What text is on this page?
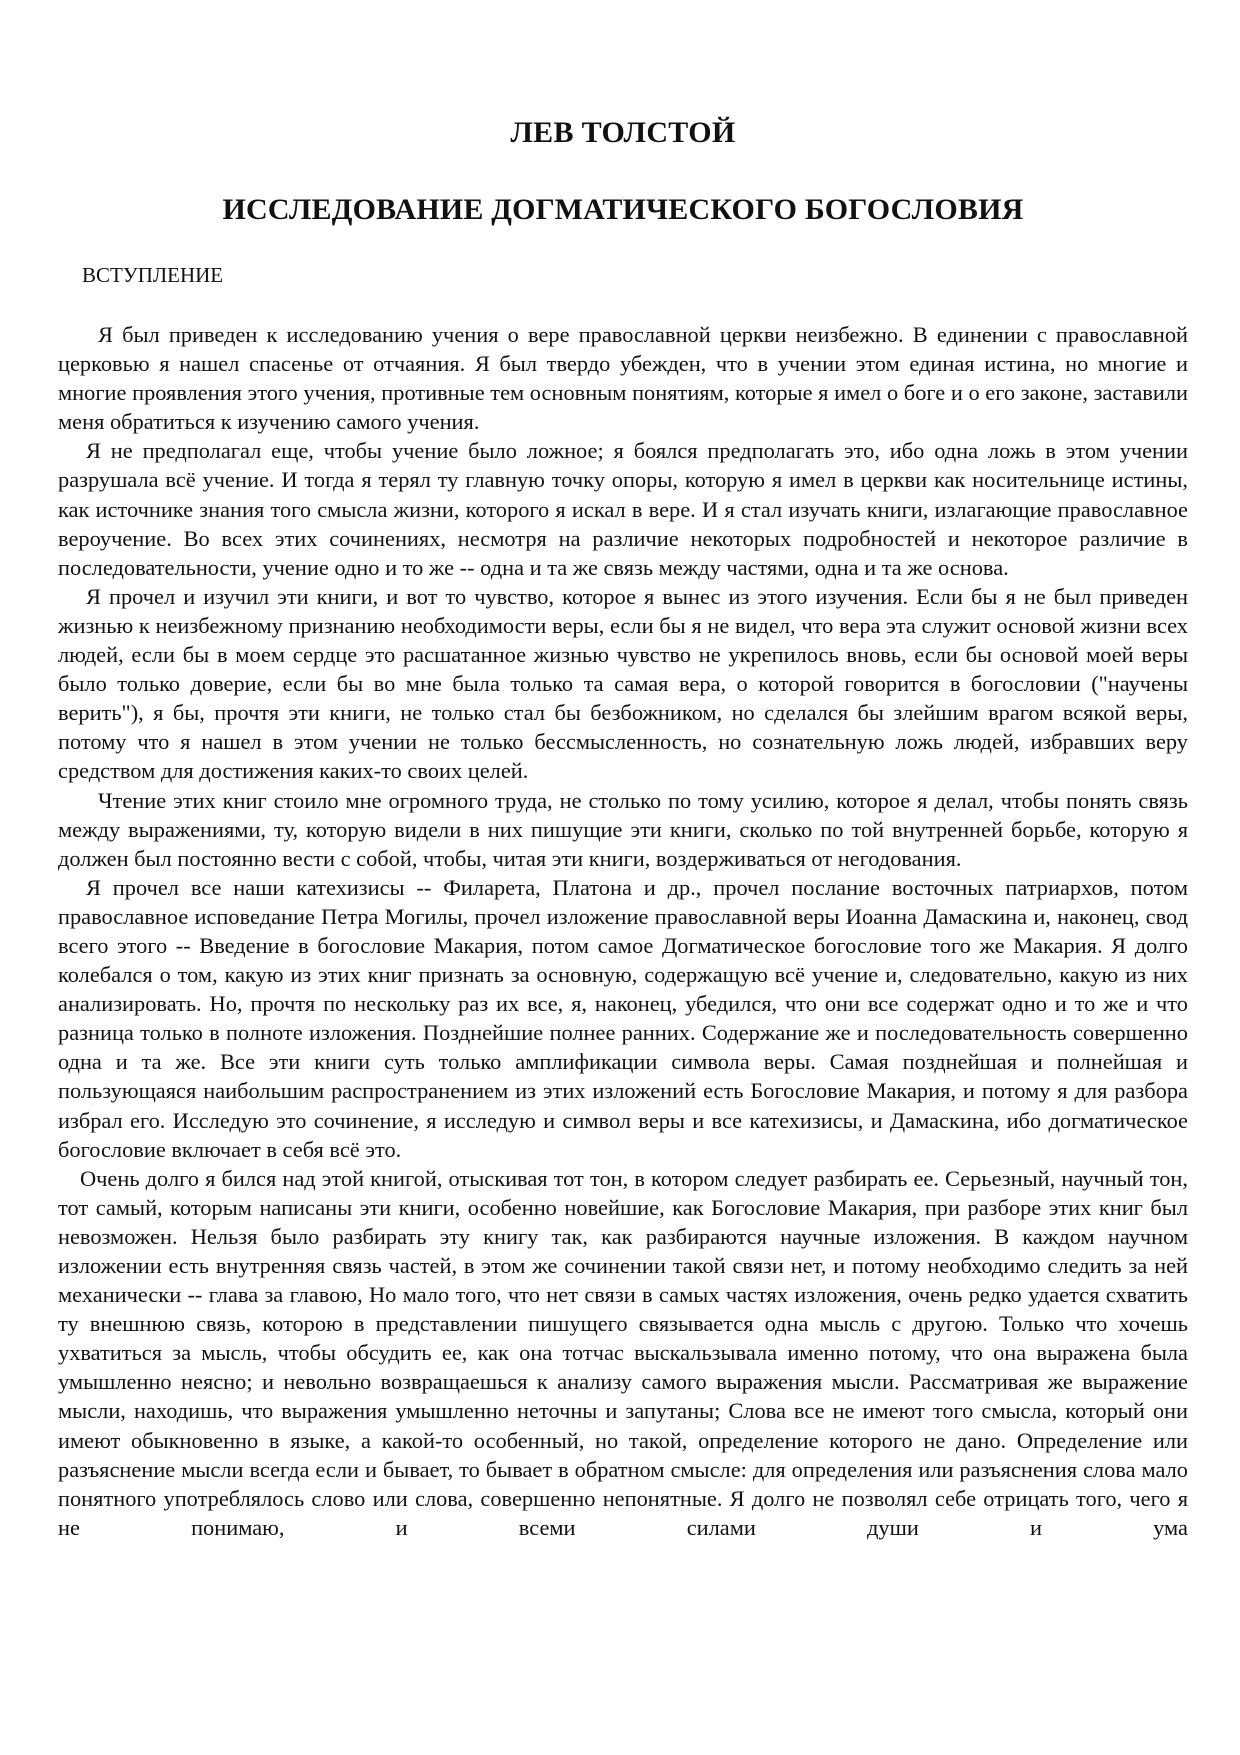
ЛЕВ ТОЛСТОЙ
ИССЛЕДОВАНИЕ ДОГМАТИЧЕСКОГО БОГОСЛОВИЯ
ВСТУПЛЕНИЕ

Я был приведен к исследованию учения о вере православной церкви неизбежно. В единении с православной церковью я нашел спасенье от отчаяния. Я был твердо убежден, что в учении этом единая истина, но многие и многие проявления этого учения, противные тем основным понятиям, которые я имел о боге и о его законе, заставили меня обратиться к изучению самого учения.

Я не предполагал еще, чтобы учение было ложное; я боялся предполагать это, ибо одна ложь в этом учении разрушала всё учение. И тогда я терял ту главную точку опоры, которую я имел в церкви как носительнице истины, как источнике знания того смысла жизни, которого я искал в вере. И я стал изучать книги, излагающие православное вероучение. Во всех этих сочинениях, несмотря на различие некоторых подробностей и некоторое различие в последовательности, учение одно и то же -- одна и та же связь между частями, одна и та же основа.

Я прочел и изучил эти книги, и вот то чувство, которое я вынес из этого изучения. Если бы я не был приведен жизнью к неизбежному признанию необходимости веры, если бы я не видел, что вера эта служит основой жизни всех людей, если бы в моем сердце это расшатанное жизнью чувство не укрепилось вновь, если бы основой моей веры было только доверие, если бы во мне была только та самая вера, о которой говорится в богословии ("научены верить"), я бы, прочтя эти книги, не только стал бы безбожником, но сделался бы злейшим врагом всякой веры, потому что я нашел в этом учении не только бессмысленность, но сознательную ложь людей, избравших веру средством для достижения каких-то своих целей.

Чтение этих книг стоило мне огромного труда, не столько по тому усилию, которое я делал, чтобы понять связь между выражениями, ту, которую видели в них пишущие эти книги, сколько по той внутренней борьбе, которую я должен был постоянно вести с собой, чтобы, читая эти книги, воздерживаться от негодования.

Я прочел все наши катехизисы -- Филарета, Платона и др., прочел послание восточных патриархов, потом православное исповедание Петра Могилы, прочел изложение православной веры Иоанна Дамаскина и, наконец, свод всего этого -- Введение в богословие Макария, потом самое Догматическое богословие того же Макария. Я долго колебался о том, какую из этих книг признать за основную, содержащую всё учение и, следовательно, какую из них анализировать. Но, прочтя по нескольку раз их все, я, наконец, убедился, что они все содержат одно и то же и что разница только в полноте изложения. Позднейшие полнее ранних. Содержание же и последовательность совершенно одна и та же. Все эти книги суть только амплификации символа веры. Самая позднейшая и полнейшая и пользующаяся наибольшим распространением из этих изложений есть Богословие Макария, и потому я для разбора избрал его. Исследую это сочинение, я исследую и символ веры и все катехизисы, и Дамаскина, ибо догматическое богословие включает в себя всё это.

Очень долго я бился над этой книгой, отыскивая тот тон, в котором следует разбирать ее. Серьезный, научный тон, тот самый, которым написаны эти книги, особенно новейшие, как Богословие Макария, при разборе этих книг был невозможен. Нельзя было разбирать эту книгу так, как разбираются научные изложения. В каждом научном изложении есть внутренняя связь частей, в этом же сочинении такой связи нет, и потому необходимо следить за ней механически -- глава за главою, Но мало того, что нет связи в самых частях изложения, очень редко удается схватить ту внешнюю связь, которою в представлении пишущего связывается одна мысль с другою. Только что хочешь ухватиться за мысль, чтобы обсудить ее, как она тотчас выскальзывала именно потому, что она выражена была умышленно неясно; и невольно возвращаешься к анализу самого выражения мысли. Рассматривая же выражение мысли, находишь, что выражения умышленно неточны и запутаны; Слова все не имеют того смысла, который они имеют обыкновенно в языке, а какой-то особенный, но такой, определение которого не дано. Определение или разъяснение мысли всегда если и бывает, то бывает в обратном смысле: для определения или разъяснения слова мало понятного употреблялось слово или слова, совершенно непонятные. Я долго не позволял себе отрицать того, чего я не понимаю, и всеми силами души и ума
